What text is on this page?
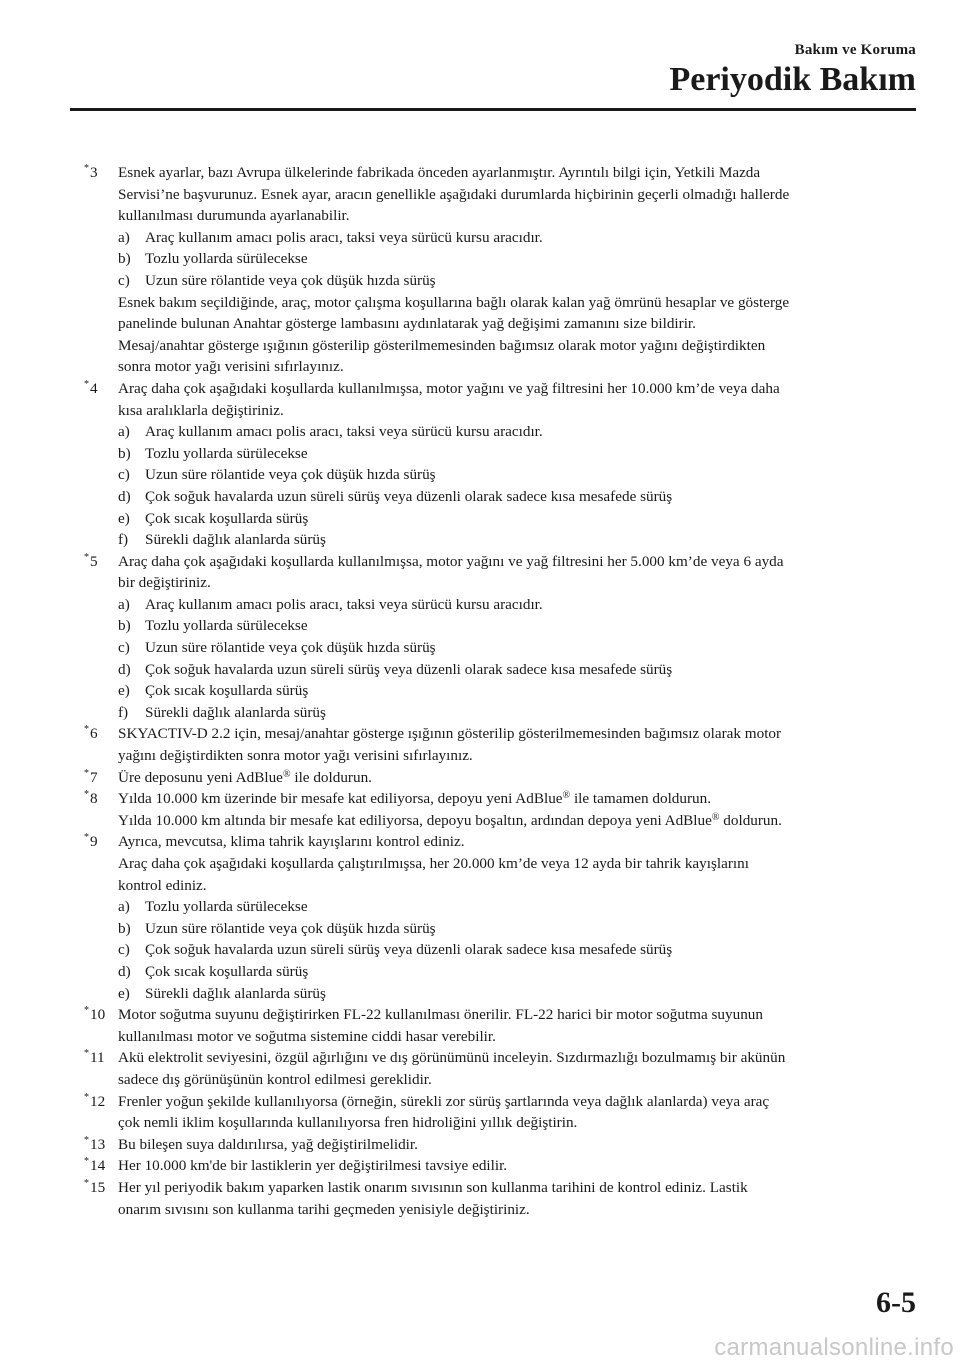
Bakım ve Koruma
Periyodik Bakım
*3 Esnek ayarlar, bazı Avrupa ülkelerinde fabrikada önceden ayarlanmıştır. Ayrıntılı bilgi için, Yetkili Mazda
Servisi’ne başvurunuz. Esnek ayar, aracın genellikle aşağıdaki durumlarda hiçbirinin geçerli olmadığı hallerde
kullanılması durumunda ayarlanabilir.
a) Araç kullanım amacı polis aracı, taksi veya sürücü kursu aracıdır.
b) Tozlu yollarda sürülecekse
c) Uzun süre rölantide veya çok düşük hızda sürüş
Esnek bakım seçildiğinde, araç, motor çalışma koşullarına bağlı olarak kalan yağ ömrünü hesaplar ve gösterge
panelinde bulunan Anahtar gösterge lambasını aydınlatarak yağ değişimi zamanını size bildirir.
Mesaj/anahtar gösterge ışığının gösterilip gösterilmemesinden bağımsız olarak motor yağını değiştirdikten
sonra motor yağı verisini sıfırlayınız.
*4 Araç daha çok aşağıdaki koşullarda kullanılmışsa, motor yağını ve yağ filtresini her 10.000 km’de veya daha
kısa aralıklarla değiştiriniz.
a) Araç kullanım amacı polis aracı, taksi veya sürücü kursu aracıdır.
b) Tozlu yollarda sürülecekse
c) Uzun süre rölantide veya çok düşük hızda sürüş
d) Çok soğuk havalarda uzun süreli sürüş veya düzenli olarak sadece kısa mesafede sürüş
e) Çok sıcak koşullarda sürüş
f) Sürekli dağlık alanlarda sürüş
*5 Araç daha çok aşağıdaki koşullarda kullanılmışsa, motor yağını ve yağ filtresini her 5.000 km’de veya 6 ayda
bir değiştiriniz.
a) Araç kullanım amacı polis aracı, taksi veya sürücü kursu aracıdır.
b) Tozlu yollarda sürülecekse
c) Uzun süre rölantide veya çok düşük hızda sürüş
d) Çok soğuk havalarda uzun süreli sürüş veya düzenli olarak sadece kısa mesafede sürüş
e) Çok sıcak koşullarda sürüş
f) Sürekli dağlık alanlarda sürüş
*6 SKYACTIV-D 2.2 için, mesaj/anahtar gösterge ışığının gösterilip gösterilmemesinden bağımsız olarak motor
yağını değiştirdikten sonra motor yağı verisini sıfırlayınız.
*7 Üre deposunu yeni AdBlue® ile doldurun.
*8 Yılda 10.000 km üzerinde bir mesafe kat ediliyorsa, depoyu yeni AdBlue® ile tamamen doldurun.
Yılda 10.000 km altında bir mesafe kat ediliyorsa, depoyu boşaltın, ardından depoya yeni AdBlue® doldurun.
*9 Ayrıca, mevcutsa, klima tahrik kayışlarını kontrol ediniz.
Araç daha çok aşağıdaki koşullarda çalıştırılmışsa, her 20.000 km’de veya 12 ayda bir tahrik kayışlarını
kontrol ediniz.
a) Tozlu yollarda sürülecekse
b) Uzun süre rölantide veya çok düşük hızda sürüş
c) Çok soğuk havalarda uzun süreli sürüş veya düzenli olarak sadece kısa mesafede sürüş
d) Çok sıcak koşullarda sürüş
e) Sürekli dağlık alanlarda sürüş
*10 Motor soğutma suyunu değiştirirken FL-22 kullanılması önerilir. FL-22 harici bir motor soğutma suyunun
kullanılması motor ve soğutma sistemine ciddi hasar verebilir.
*11 Akü elektrolit seviyesini, özgül ağırlığını ve dış görünümünü inceleyin. Sızdırmazlığı bozulmamış bir akünün
sadece dış görünüşünün kontrol edilmesi gereklidir.
*12 Frenler yoğun şekilde kullanılıyorsa (örneğin, sürekli zor sürüş şartlarında veya dağlık alanlarda) veya araç
çok nemli iklim koşullarında kullanılıyorsa fren hidroliğini yıllık değiştirin.
*13 Bu bileşen suya daldırılırsa, yağ değiştirilmelidir.
*14 Her 10.000 km'de bir lastiklerin yer değiştirilmesi tavsiye edilir.
*15 Her yıl periyodik bakım yaparken lastik onarım sıvısının son kullanma tarihini de kontrol ediniz. Lastik
onarım sıvısını son kullanma tarihi geçmeden yenisiyle değiştiriniz.
6-5
carmanualsonline.info
